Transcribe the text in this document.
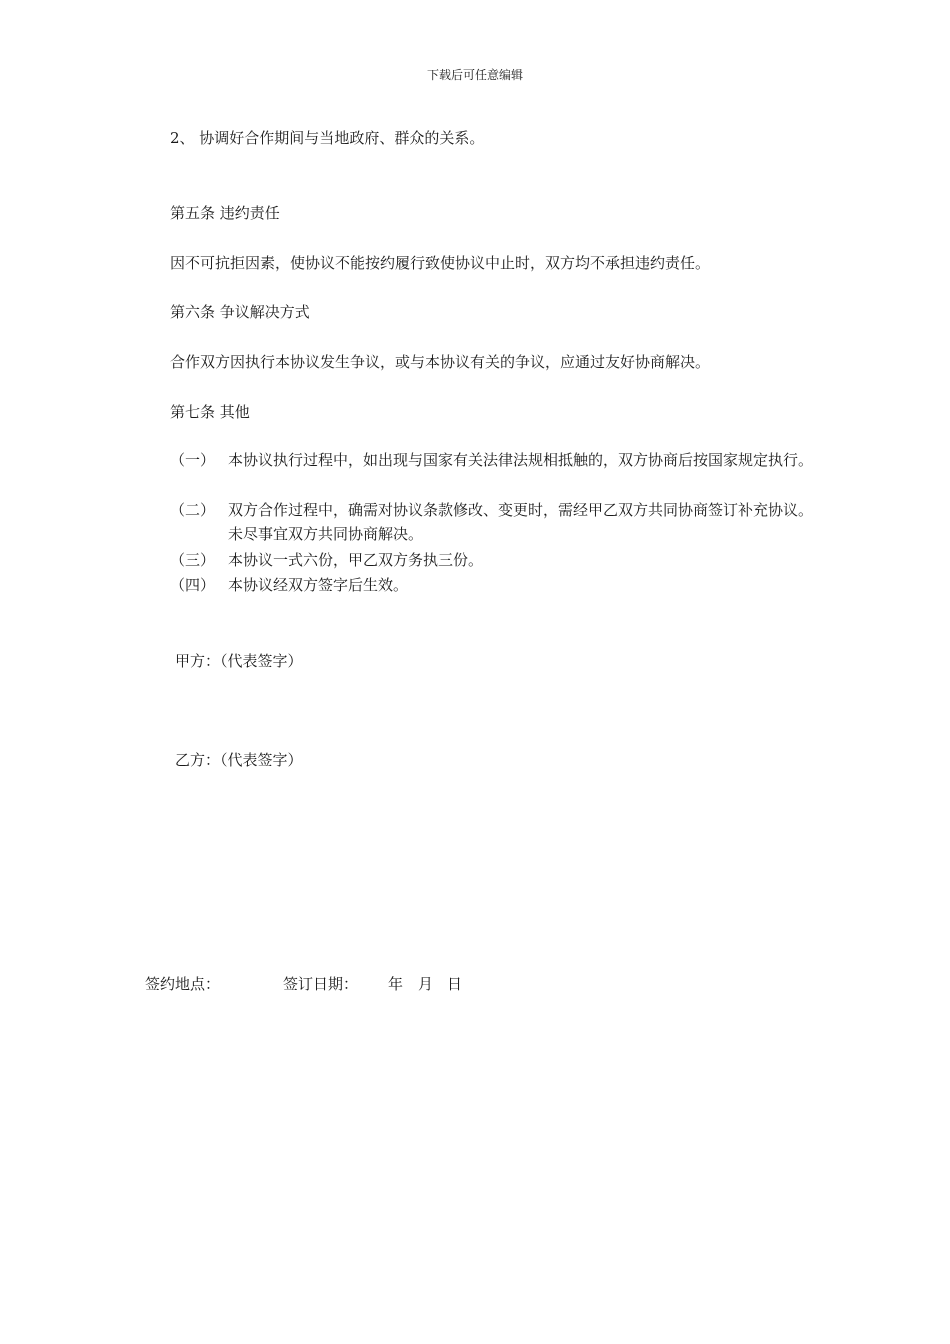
下载后可任意编辑
2、 协调好合作期间与当地政府、群众的关系。
第五条 违约责任
因不可抗拒因素，使协议不能按约履行致使协议中止时，双方均不承担违约责任。
第六条 争议解决方式
合作双方因执行本协议发生争议，或与本协议有关的争议，应通过友好协商解决。
第七条 其他
（一） 本协议执行过程中，如出现与国家有关法律法规相抵触的，双方协商后按国家规定执行。
（二） 双方合作过程中，确需对协议条款修改、变更时，需经甲乙双方共同协商签订补充协议。未尽事宜双方共同协商解决。
（三） 本协议一式六份，甲乙双方务执三份。
（四） 本协议经双方签字后生效。
甲方：（代表签字）
乙方：（代表签字）
签约地点：	签订日期： 年 月 日
